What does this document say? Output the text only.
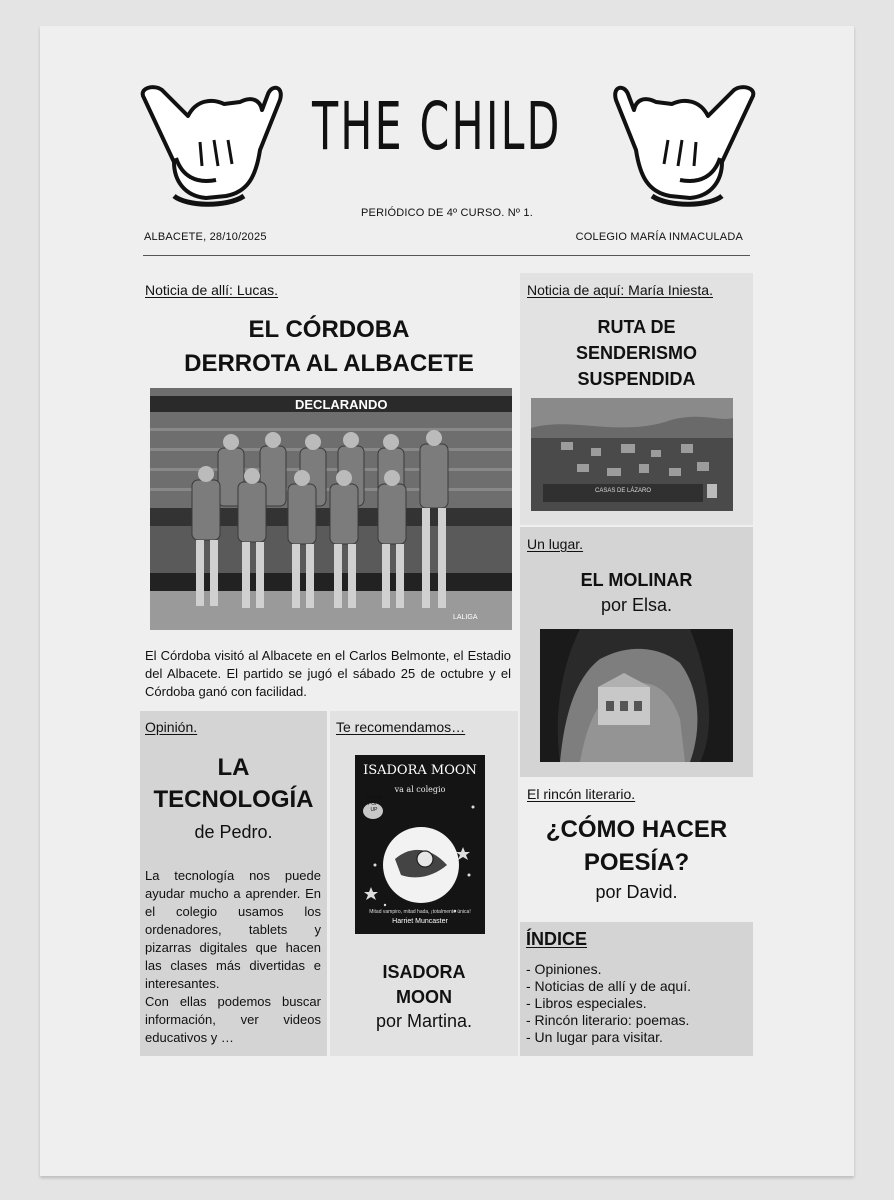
THE CHILD
PERIÓDICO DE 4º CURSO. Nº 1.
ALBACETE, 28/10/2025	COLEGIO MARÍA INMACULADA
Noticia de allí: Lucas.
EL CÓRDOBA
DERROTA AL ALBACETE
DECLARANDO
LALIGA
El Córdoba visitó al Albacete en el Carlos Belmonte, el Estadio del Albacete. El partido se jugó el sábado 25 de octubre y el Córdoba ganó con facilidad.
Noticia de aquí: María Iniesta.
RUTA DE
SENDERISMO
SUSPENDIDA
CASAS DE LÁZARO
Un lugar.
EL MOLINAR
por Elsa.
Opinión.
LA
TECNOLOGÍA
de Pedro.
La tecnología nos puede ayudar mucho a aprender. En el colegio usamos los ordenadores, tablets y pizarras digitales que hacen las clases más divertidas e interesantes.
Con ellas podemos buscar información, ver videos educativos y …
Te recomendamos…
ISADORA MOON
va al colegio
Edición POP-UP
Mitad vampiro, mitad hada, ¡totalmente única!
Harriet Muncaster
ISADORA
MOON
por Martina.
El rincón literario.
¿CÓMO HACER
POESÍA?
por David.
ÍNDICE
- Opiniones.
- Noticias de allí y de aquí.
- Libros especiales.
- Rincón literario: poemas.
- Un lugar para visitar.
